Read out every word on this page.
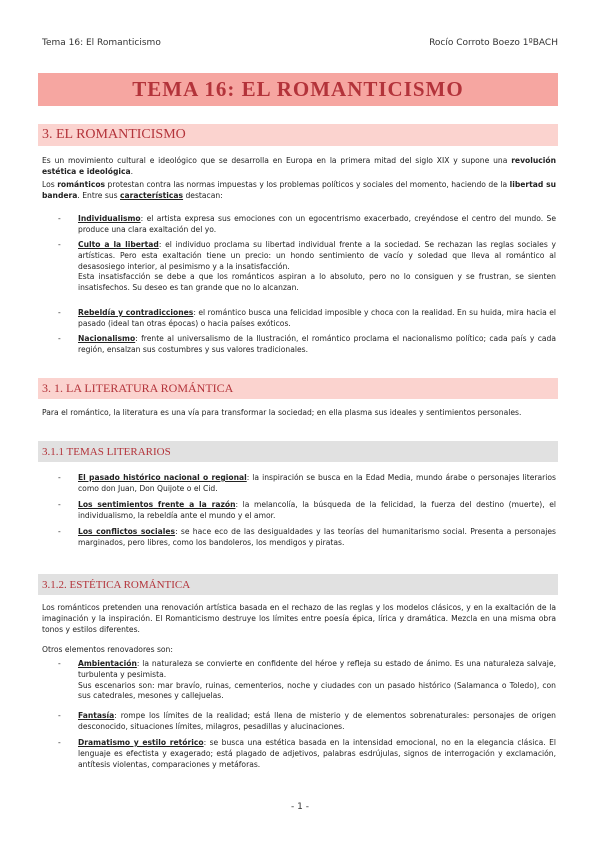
Tema 16: El Romanticismo	Rocío Corroto Boezo 1ºBACH
TEMA 16: EL ROMANTICISMO
3. EL ROMANTICISMO
Es un movimiento cultural e ideológico que se desarrolla en Europa en la primera mitad del siglo XIX y supone una revolución estética e ideológica.
Los románticos protestan contra las normas impuestas y los problemas políticos y sociales del momento, haciendo de la libertad su bandera. Entre sus características destacan:
- Individualismo: el artista expresa sus emociones con un egocentrismo exacerbado, creyéndose el centro del mundo. Se produce una clara exaltación del yo.
- Culto a la libertad: el individuo proclama su libertad individual frente a la sociedad. Se rechazan las reglas sociales y artísticas. Pero esta exaltación tiene un precio: un hondo sentimiento de vacío y soledad que lleva al romántico al desasosiego interior, al pesimismo y a la insatisfacción.
Esta insatisfacción se debe a que los románticos aspiran a lo absoluto, pero no lo consiguen y se frustran, se sienten insatisfechos. Su deseo es tan grande que no lo alcanzan.
- Rebeldía y contradicciones: el romántico busca una felicidad imposible y choca con la realidad. En su huida, mira hacia el pasado (ideal tan otras épocas) o hacia países exóticos.
- Nacionalismo: frente al universalismo de la Ilustración, el romántico proclama el nacionalismo político; cada país y cada región, ensalzan sus costumbres y sus valores tradicionales.
3. 1. LA LITERATURA ROMÁNTICA
Para el romántico, la literatura es una vía para transformar la sociedad; en ella plasma sus ideales y sentimientos personales.
3.1.1 TEMAS LITERARIOS
- El pasado histórico nacional o regional: la inspiración se busca en la Edad Media, mundo árabe o personajes literarios como don Juan, Don Quijote o el Cid.
- Los sentimientos frente a la razón: la melancolía, la búsqueda de la felicidad, la fuerza del destino (muerte), el individualismo, la rebeldía ante el mundo y el amor.
- Los conflictos sociales: se hace eco de las desigualdades y las teorías del humanitarismo social. Presenta a personajes marginados, pero libres, como los bandoleros, los mendigos y piratas.
3.1.2. ESTÉTICA ROMÁNTICA
Los románticos pretenden una renovación artística basada en el rechazo de las reglas y los modelos clásicos, y en la exaltación de la imaginación y la inspiración. El Romanticismo destruye los límites entre poesía épica, lírica y dramática. Mezcla en una misma obra tonos y estilos diferentes.
Otros elementos renovadores son:
- Ambientación: la naturaleza se convierte en confidente del héroe y refleja su estado de ánimo. Es una naturaleza salvaje, turbulenta y pesimista.
Sus escenarios son: mar bravío, ruinas, cementerios, noche y ciudades con un pasado histórico (Salamanca o Toledo), con sus catedrales, mesones y callejuelas.
- Fantasía: rompe los límites de la realidad; está llena de misterio y de elementos sobrenaturales: personajes de origen desconocido, situaciones límites, milagros, pesadillas y alucinaciones.
- Dramatismo y estilo retórico: se busca una estética basada en la intensidad emocional, no en la elegancia clásica. El lenguaje es efectista y exagerado; está plagado de adjetivos, palabras esdrújulas, signos de interrogación y exclamación, antítesis violentas, comparaciones y metáforas.
- 1 -
